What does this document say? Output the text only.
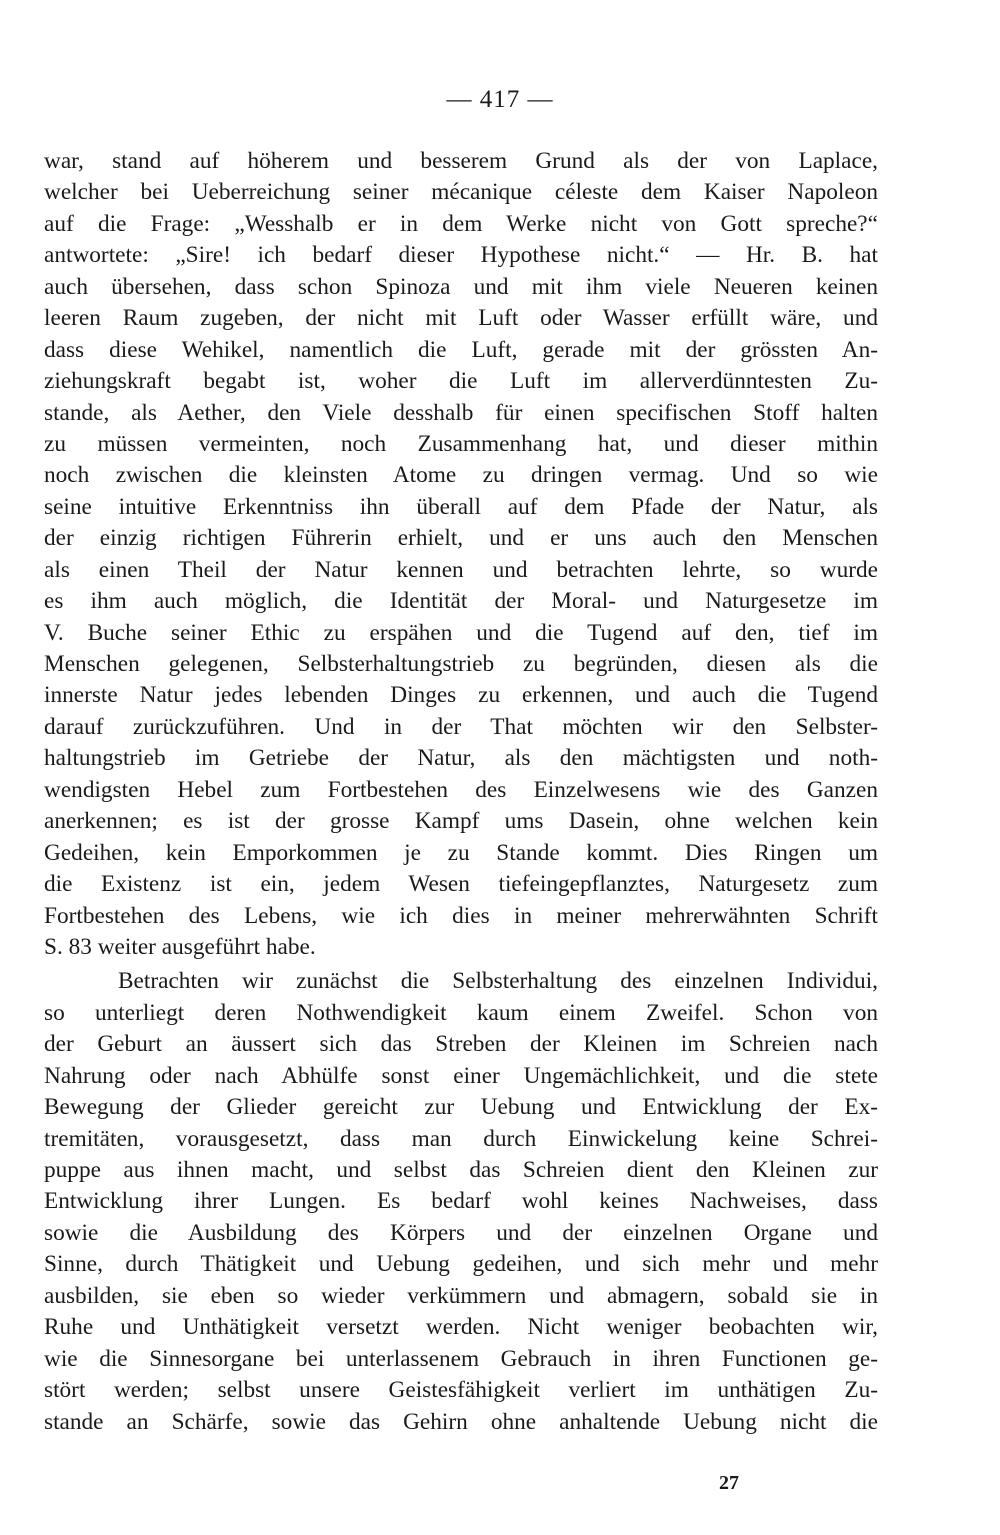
— 417 —
war, stand auf höherem und besserem Grund als der von Laplace,
welcher bei Ueberreichung seiner mécanique céleste dem Kaiser Napoleon
auf die Frage: „Wesshalb er in dem Werke nicht von Gott spreche?“
antwortete: „Sire! ich bedarf dieser Hypothese nicht.“ — Hr. B. hat
auch übersehen, dass schon Spinoza und mit ihm viele Neueren keinen
leeren Raum zugeben, der nicht mit Luft oder Wasser erfüllt wäre, und
dass diese Wehikel, namentlich die Luft, gerade mit der grössten An-
ziehungskraft begabt ist, woher die Luft im allerverdünntesten Zu-
stande, als Aether, den Viele desshalb für einen specifischen Stoff halten
zu müssen vermeinten, noch Zusammenhang hat, und dieser mithin
noch zwischen die kleinsten Atome zu dringen vermag. Und so wie
seine intuitive Erkenntniss ihn überall auf dem Pfade der Natur, als
der einzig richtigen Führerin erhielt, und er uns auch den Menschen
als einen Theil der Natur kennen und betrachten lehrte, so wurde
es ihm auch möglich, die Identität der Moral- und Naturgesetze im
V. Buche seiner Ethic zu erspähen und die Tugend auf den, tief im
Menschen gelegenen, Selbsterhaltungstrieb zu begründen, diesen als die
innerste Natur jedes lebenden Dinges zu erkennen, und auch die Tugend
darauf zurückzuführen. Und in der That möchten wir den Selbster-
haltungstrieb im Getriebe der Natur, als den mächtigsten und noth-
wendigsten Hebel zum Fortbestehen des Einzelwesens wie des Ganzen
anerkennen; es ist der grosse Kampf ums Dasein, ohne welchen kein
Gedeihen, kein Emporkommen je zu Stande kommt. Dies Ringen um
die Existenz ist ein, jedem Wesen tiefeingepflanztes, Naturgesetz zum
Fortbestehen des Lebens, wie ich dies in meiner mehrerwähnten Schrift
S. 83 weiter ausgeführt habe.
Betrachten wir zunächst die Selbsterhaltung des einzelnen Individui,
so unterliegt deren Nothwendigkeit kaum einem Zweifel. Schon von
der Geburt an äussert sich das Streben der Kleinen im Schreien nach
Nahrung oder nach Abhülfe sonst einer Ungemächlichkeit, und die stete
Bewegung der Glieder gereicht zur Uebung und Entwicklung der Ex-
tremitäten, vorausgesetzt, dass man durch Einwickelung keine Schrei-
puppe aus ihnen macht, und selbst das Schreien dient den Kleinen zur
Entwicklung ihrer Lungen. Es bedarf wohl keines Nachweises, dass
sowie die Ausbildung des Körpers und der einzelnen Organe und
Sinne, durch Thätigkeit und Uebung gedeihen, und sich mehr und mehr
ausbilden, sie eben so wieder verkümmern und abmagern, sobald sie in
Ruhe und Unthätigkeit versetzt werden. Nicht weniger beobachten wir,
wie die Sinnesorgane bei unterlassenem Gebrauch in ihren Functionen ge-
stört werden; selbst unsere Geistesfähigkeit verliert im unthätigen Zu-
stande an Schärfe, sowie das Gehirn ohne anhaltende Uebung nicht die
27
